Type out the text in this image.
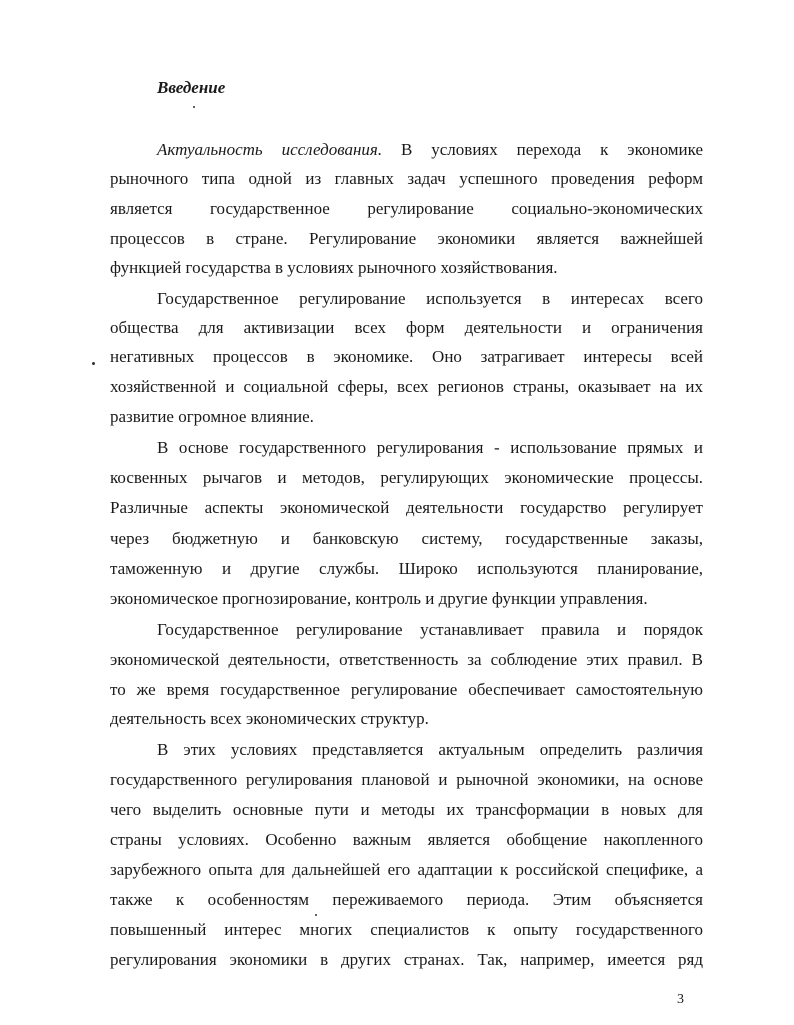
Введение
Актуальность исследования. В условиях перехода к экономике
рыночного типа одной из главных задач успешного проведения реформ
является государственное регулирование социально-экономических
процессов в стране. Регулирование экономики является важнейшей
функцией государства в условиях рыночного хозяйствования.
Государственное регулирование используется в интересах всего
общества для активизации всех форм деятельности и ограничения
негативных процессов в экономике. Оно затрагивает интересы всей
хозяйственной и социальной сферы, всех регионов страны, оказывает на их
развитие огромное влияние.
В основе государственного регулирования - использование прямых и
косвенных рычагов и методов, регулирующих экономические процессы.
Различные аспекты экономической деятельности государство регулирует
через бюджетную и банковскую систему, государственные заказы,
таможенную и другие службы. Широко используются планирование,
экономическое прогнозирование, контроль и другие функции управления.
Государственное регулирование устанавливает правила и порядок
экономической деятельности, ответственность за соблюдение этих правил. В
то же время государственное регулирование обеспечивает самостоятельную
деятельность всех экономических структур.
В этих условиях представляется актуальным определить различия
государственного регулирования плановой и рыночной экономики, на основе
чего выделить основные пути и методы их трансформации в новых для
страны условиях. Особенно важным является обобщение накопленного
зарубежного опыта для дальнейшей его адаптации к российской специфике, а
также к особенностям переживаемого периода. Этим объясняется
повышенный интерес многих специалистов к опыту государственного
регулирования экономики в других странах. Так, например, имеется ряд
3
